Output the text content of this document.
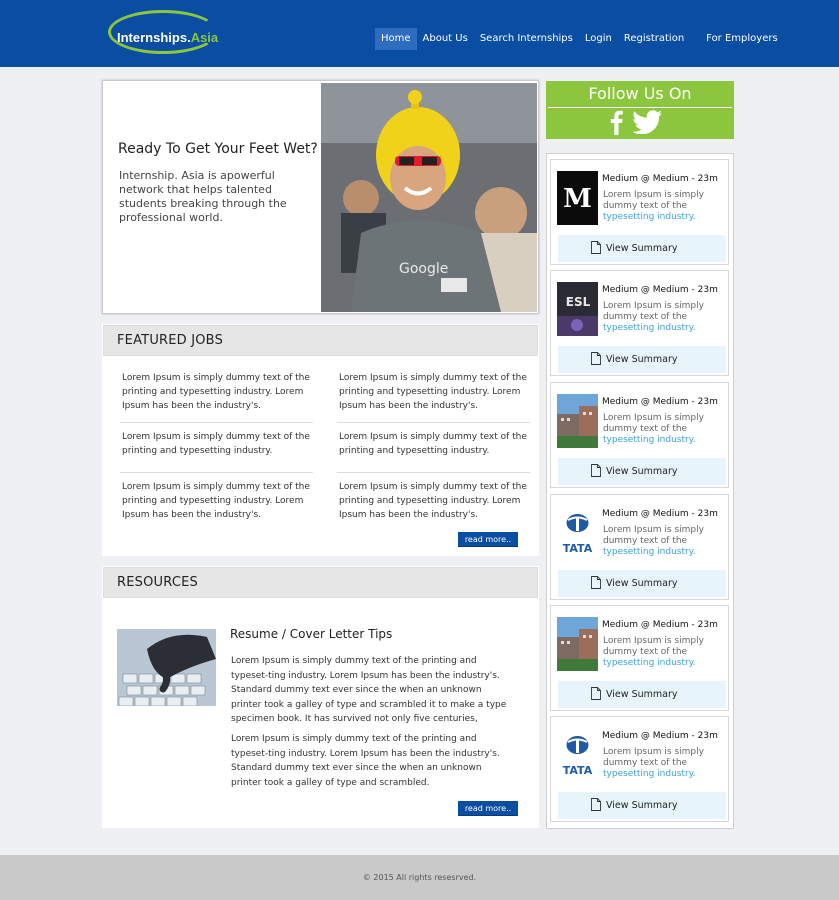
Internships.Asia	Home	About Us	Search Internships	Login	Registration	For Employers
Ready To Get Your Feet Wet?
Internship. Asia is apowerful network that helps talented students breaking through the professional world.
Google
FEATURED JOBS
Lorem Ipsum is simply dummy text of the printing and typesetting industry. Lorem Ipsum has been the industry's.
Lorem Ipsum is simply dummy text of the printing and typesetting industry. Lorem Ipsum has been the industry's.
Lorem Ipsum is simply dummy text of the printing and typesetting industry.
Lorem Ipsum is simply dummy text of the printing and typesetting industry.
Lorem Ipsum is simply dummy text of the printing and typesetting industry. Lorem Ipsum has been the industry's.
Lorem Ipsum is simply dummy text of the printing and typesetting industry. Lorem Ipsum has been the industry's.
read more..
RESOURCES
Resume / Cover Letter Tips
Lorem Ipsum is simply dummy text of the printing and typeset-ting industry. Lorem Ipsum has been the industry's. Standard dummy text ever since the when an unknown printer took a galley of type and scrambled it to make a type specimen book. It has survived not only five centuries,
Lorem Ipsum is simply dummy text of the printing and typeset-ting industry. Lorem Ipsum has been the industry's. Standard dummy text ever since the when an unknown printer took a galley of type and scrambled.
read more..
Follow Us On
M
Medium @ Medium - 23m
Lorem Ipsum is simply dummy text of the typesetting industry.
View Summary
ESL
Medium @ Medium - 23m
Lorem Ipsum is simply dummy text of the typesetting industry.
View Summary
Medium @ Medium - 23m
Lorem Ipsum is simply dummy text of the typesetting industry.
View Summary
TATA
Medium @ Medium - 23m
Lorem Ipsum is simply dummy text of the typesetting industry.
View Summary
Medium @ Medium - 23m
Lorem Ipsum is simply dummy text of the typesetting industry.
View Summary
TATA
Medium @ Medium - 23m
Lorem Ipsum is simply dummy text of the typesetting industry.
View Summary
© 2015 All rights resesrved.
